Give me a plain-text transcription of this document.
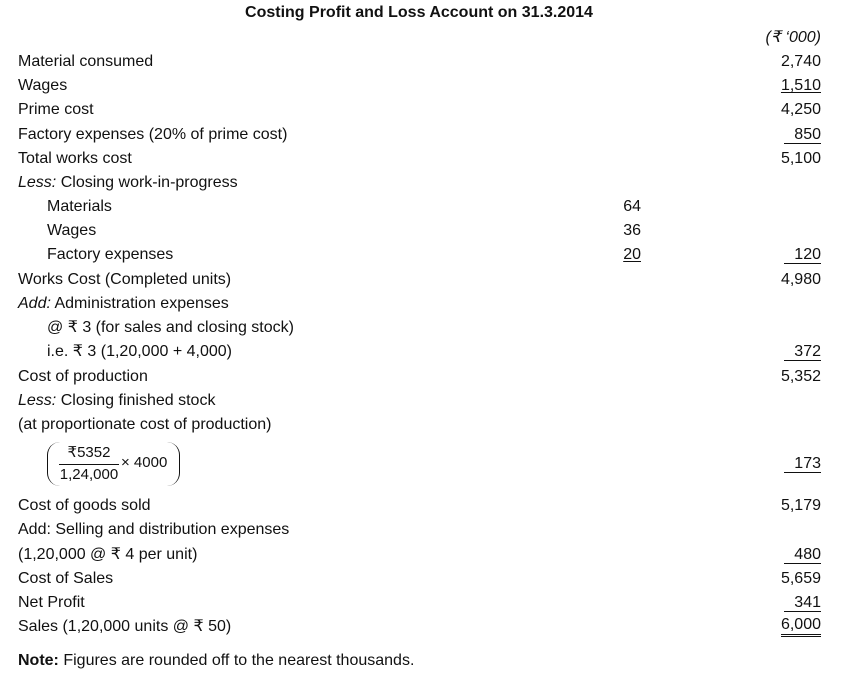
Costing Profit and Loss Account on 31.3.2014
(₹ ‘000)
Material consumed	2,740
Wages	1,510
Prime cost	4,250
Factory expenses (20% of prime cost)	850
Total works cost	5,100
Less: Closing work-in-progress
Materials	64
Wages	36
Factory expenses	20	120
Works Cost (Completed units)	4,980
Add: Administration expenses
@ ₹ 3 (for sales and closing stock)
i.e. ₹ 3 (1,20,000 + 4,000)	372
Cost of production	5,352
Less: Closing finished stock
(at proportionate cost of production)
₹5352
1,24,000
× 4000	173
Cost of goods sold	5,179
Add: Selling and distribution expenses
(1,20,000 @ ₹ 4 per unit)	480
Cost of Sales	5,659
Net Profit	341
Sales (1,20,000 units @ ₹ 50)	6,000
Note: Figures are rounded off to the nearest thousands.
